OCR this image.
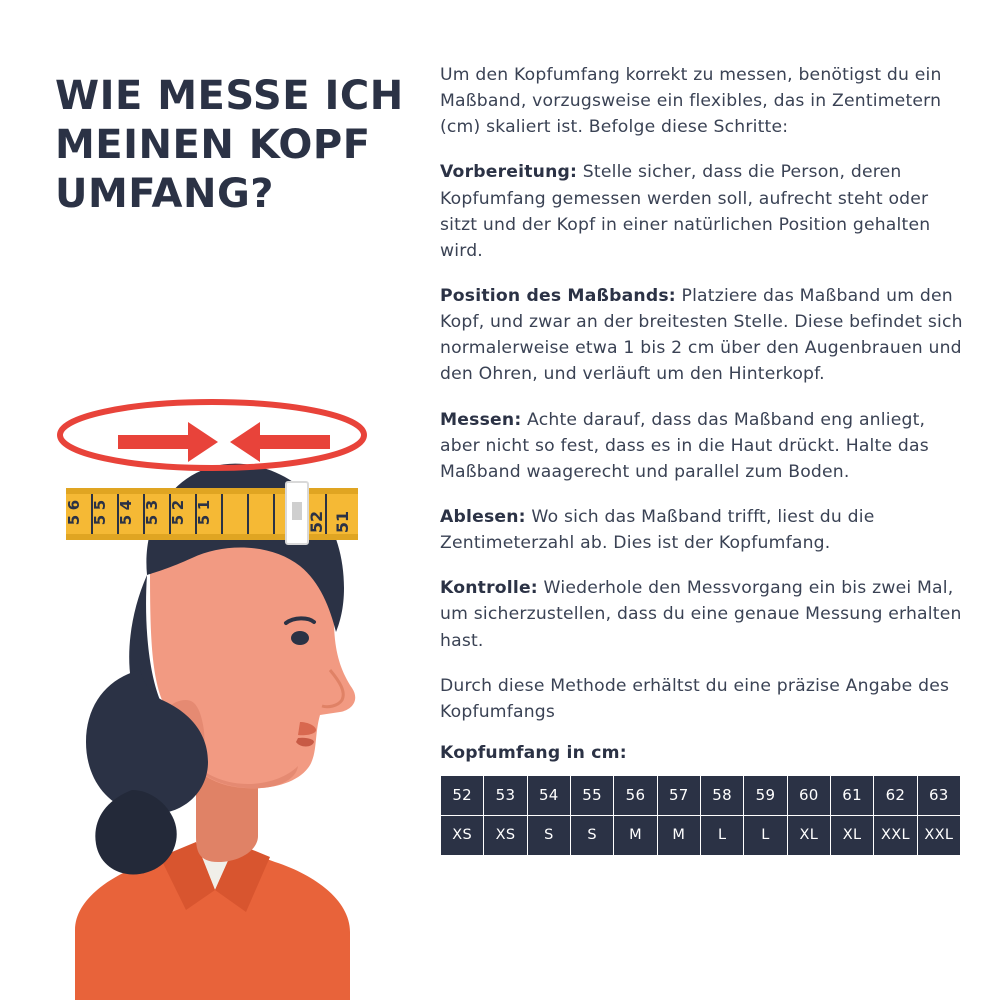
WIE MESSE ICH MEINEN KOPF UMFANG?
5
6
5
5
5
4
5
3
5
2
5
1
52 51

Um den Kopfumfang korrekt zu messen, benötigst du ein Maßband, vorzugsweise ein flexibles, das in Zentimetern (cm) skaliert ist. Befolge diese Schritte:

Vorbereitung: Stelle sicher, dass die Person, deren Kopfumfang gemessen werden soll, aufrecht steht oder sitzt und der Kopf in einer natürlichen Position gehalten wird.

Position des Maßbands: Platziere das Maßband um den Kopf, und zwar an der breitesten Stelle. Diese befindet sich normalerweise etwa 1 bis 2 cm über den Augenbrauen und den Ohren, und verläuft um den Hinterkopf.

Messen: Achte darauf, dass das Maßband eng anliegt, aber nicht so fest, dass es in die Haut drückt. Halte das Maßband waagerecht und parallel zum Boden.

Ablesen: Wo sich das Maßband trifft, liest du die Zentimeterzahl ab. Dies ist der Kopfumfang.

Kontrolle: Wiederhole den Messvorgang ein bis zwei Mal, um sicherzustellen, dass du eine genaue Messung erhalten hast.

Durch diese Methode erhältst du eine präzise Angabe des Kopfumfangs

Kopfumfang in cm:
52	53	54	55	56	57	58	59	60	61	62	63
XS	XS	S	S	M	M	L	L	XL	XL	XXL	XXL
